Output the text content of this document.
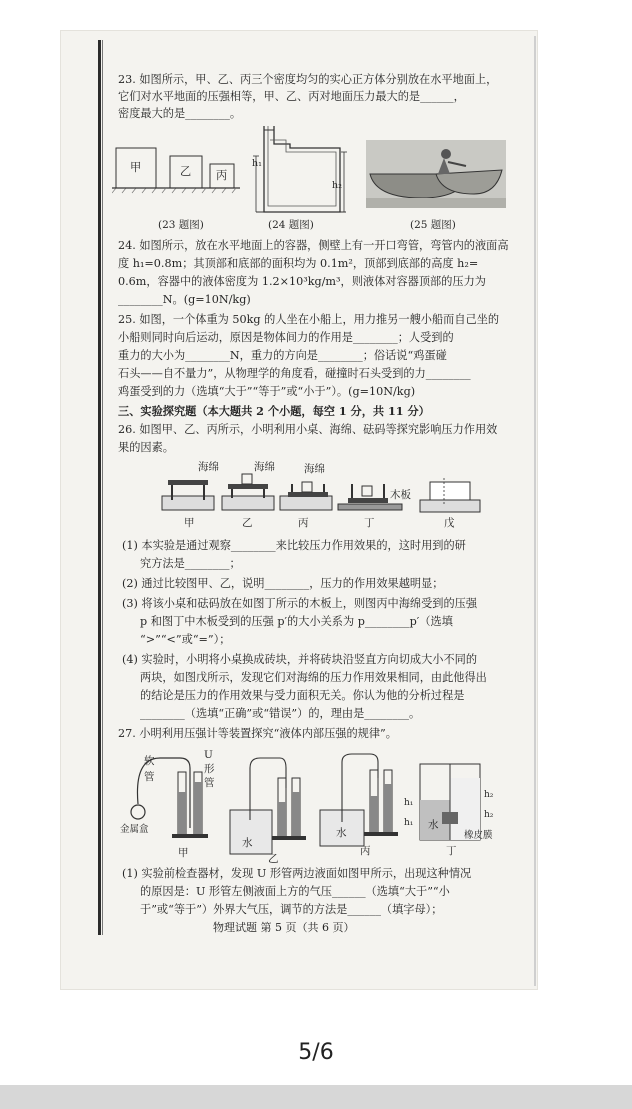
23. 如图所示，甲、乙、丙三个密度均匀的实心正方体分别放在水平地面上，
它们对水平地面的压强相等，甲、乙、丙对地面压力最大的是______，
密度最大的是________。
甲	乙 丙
(23 题图)
h₁
h₂
(24 题图)	(25 题图)
24. 如图所示，放在水平地面上的容器，侧壁上有一开口弯管，弯管内的液面高
度 h₁=0.8m；其顶部和底部的面积均为 0.1m²，顶部到底部的高度 h₂=
0.6m，容器中的液体密度为 1.2×10³kg/m³，则液体对容器顶部的压力为
________N。(g=10N/kg)
25. 如图，一个体重为 50kg 的人坐在小船上，用力推另一艘小船而自己坐的
小船则同时向后运动，原因是物体间力的作用是________；人受到的
重力的大小为________N，重力的方向是________；俗话说“鸡蛋碰
石头——自不量力”，从物理学的角度看，碰撞时石头受到的力________
鸡蛋受到的力（选填“大于”“等于”或“小于”）。(g=10N/kg)
三、实验探究题（本大题共 2 个小题，每空 1 分，共 11 分）
26. 如图甲、乙、丙所示，小明利用小桌、海绵、砝码等探究影响压力作用效
果的因素。
海绵	海绵	海绵
木板
甲	乙	丙	丁	戊
(1) 本实验是通过观察________来比较压力作用效果的，这时用到的研
究方法是________；
(2) 通过比较图甲、乙，说明________，压力的作用效果越明显；
(3) 将该小桌和砝码放在如图丁所示的木板上，则图丙中海绵受到的压强
p 和图丁中木板受到的压强 p′的大小关系为 p________p′（选填
“>”“<”或“=”）；
(4) 实验时，小明将小桌换成砖块，并将砖块沿竖直方向切成大小不同的
两块，如图戊所示，发现它们对海绵的压力作用效果相同，由此他得出
的结论是压力的作用效果与受力面积无关。你认为他的分析过程是
________（选填“正确”或“错误”）的，理由是________。
27. 小明利用压强计等装置探究“液体内部压强的规律”。
软
管
U
形
管
金属盒
水
水
水
h₁
h₂
h₁
h₂
橡皮膜
甲	乙
丙	丁
(1) 实验前检查器材，发现 U 形管两边液面如图甲所示，出现这种情况
的原因是：U 形管左侧液面上方的气压______（选填“大于”“小
于”或“等于”）外界大气压，调节的方法是______（填字母）；
物理试题 第 5 页（共 6 页）
5/6
